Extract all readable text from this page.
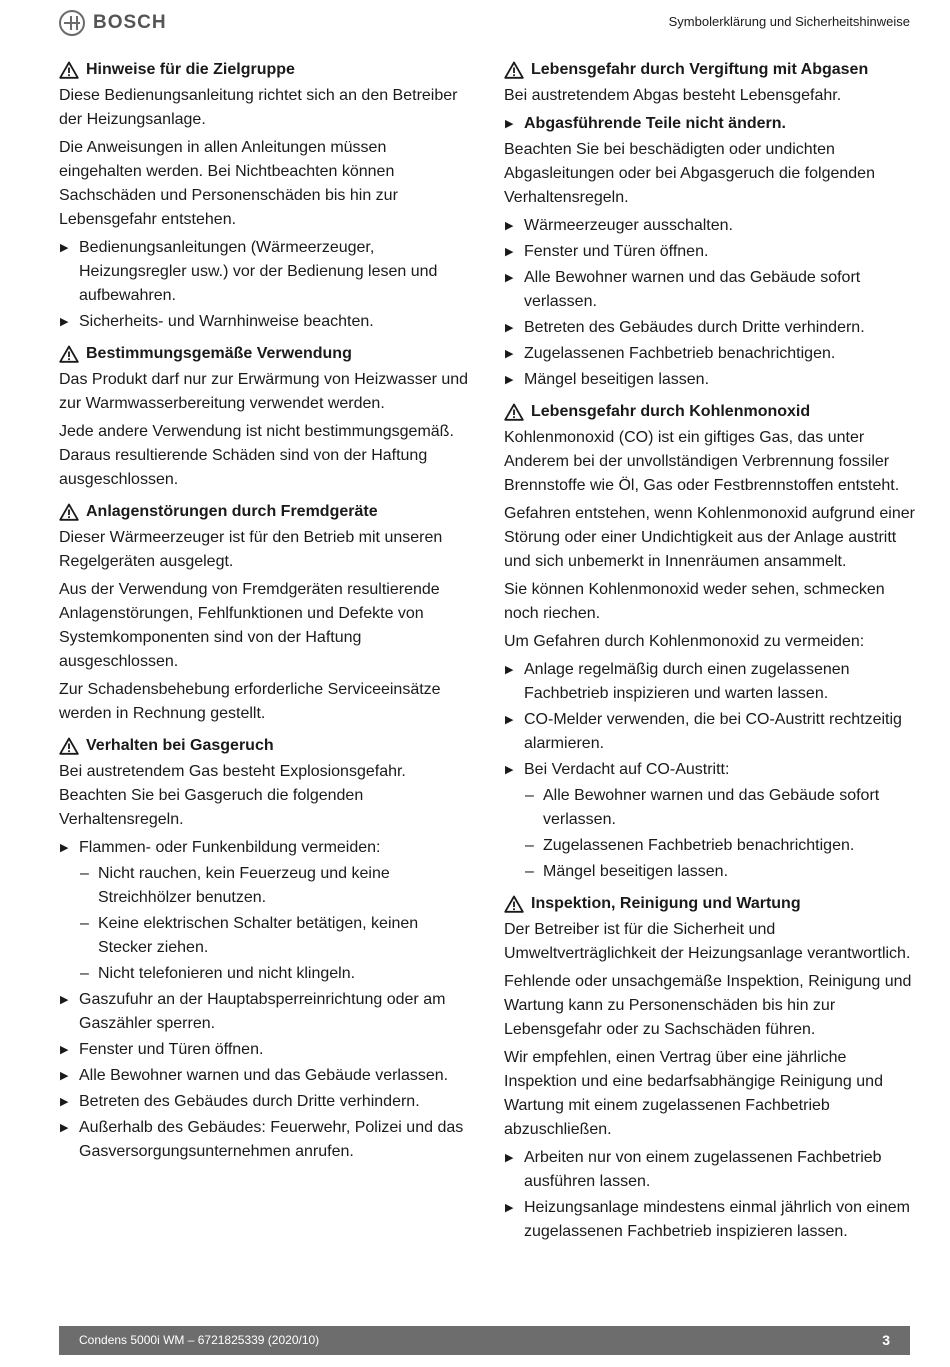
BOSCH	Symbolerklärung und Sicherheitshinweise
Hinweise für die Zielgruppe
Diese Bedienungsanleitung richtet sich an den Betreiber der Heizungsanlage.
Die Anweisungen in allen Anleitungen müssen eingehalten werden. Bei Nichtbeachten können Sachschäden und Personenschäden bis hin zur Lebensgefahr entstehen.
▶ Bedienungsanleitungen (Wärmeerzeuger, Heizungsregler usw.) vor der Bedienung lesen und aufbewahren.
▶ Sicherheits- und Warnhinweise beachten.
Bestimmungsgemäße Verwendung
Das Produkt darf nur zur Erwärmung von Heizwasser und zur Warmwasserbereitung verwendet werden.
Jede andere Verwendung ist nicht bestimmungsgemäß. Daraus resultierende Schäden sind von der Haftung ausgeschlossen.
Anlagenstörungen durch Fremdgeräte
Dieser Wärmeerzeuger ist für den Betrieb mit unseren Regelgeräten ausgelegt.
Aus der Verwendung von Fremdgeräten resultierende Anlagenstörungen, Fehlfunktionen und Defekte von Systemkomponenten sind von der Haftung ausgeschlossen.
Zur Schadensbehebung erforderliche Serviceeinsätze werden in Rechnung gestellt.
Verhalten bei Gasgeruch
Bei austretendem Gas besteht Explosionsgefahr. Beachten Sie bei Gasgeruch die folgenden Verhaltensregeln.
▶ Flammen- oder Funkenbildung vermeiden:
– Nicht rauchen, kein Feuerzeug und keine Streichhölzer benutzen.
– Keine elektrischen Schalter betätigen, keinen Stecker ziehen.
– Nicht telefonieren und nicht klingeln.
▶ Gaszufuhr an der Hauptabsperreinrichtung oder am Gaszähler sperren.
▶ Fenster und Türen öffnen.
▶ Alle Bewohner warnen und das Gebäude verlassen.
▶ Betreten des Gebäudes durch Dritte verhindern.
▶ Außerhalb des Gebäudes: Feuerwehr, Polizei und das Gasversorgungsunternehmen anrufen.
Lebensgefahr durch Vergiftung mit Abgasen
Bei austretendem Abgas besteht Lebensgefahr.
▶ Abgasführende Teile nicht ändern.
Beachten Sie bei beschädigten oder undichten Abgasleitungen oder bei Abgasgeruch die folgenden Verhaltensregeln.
▶ Wärmeerzeuger ausschalten.
▶ Fenster und Türen öffnen.
▶ Alle Bewohner warnen und das Gebäude sofort verlassen.
▶ Betreten des Gebäudes durch Dritte verhindern.
▶ Zugelassenen Fachbetrieb benachrichtigen.
▶ Mängel beseitigen lassen.
Lebensgefahr durch Kohlenmonoxid
Kohlenmonoxid (CO) ist ein giftiges Gas, das unter Anderem bei der unvollständigen Verbrennung fossiler Brennstoffe wie Öl, Gas oder Festbrennstoffen entsteht.
Gefahren entstehen, wenn Kohlenmonoxid aufgrund einer Störung oder einer Undichtigkeit aus der Anlage austritt und sich unbemerkt in Innenräumen ansammelt.
Sie können Kohlenmonoxid weder sehen, schmecken noch riechen.
Um Gefahren durch Kohlenmonoxid zu vermeiden:
▶ Anlage regelmäßig durch einen zugelassenen Fachbetrieb inspizieren und warten lassen.
▶ CO-Melder verwenden, die bei CO-Austritt rechtzeitig alarmieren.
▶ Bei Verdacht auf CO-Austritt:
– Alle Bewohner warnen und das Gebäude sofort verlassen.
– Zugelassenen Fachbetrieb benachrichtigen.
– Mängel beseitigen lassen.
Inspektion, Reinigung und Wartung
Der Betreiber ist für die Sicherheit und Umweltverträglichkeit der Heizungsanlage verantwortlich.
Fehlende oder unsachgemäße Inspektion, Reinigung und Wartung kann zu Personenschäden bis hin zur Lebensgefahr oder zu Sachschäden führen.
Wir empfehlen, einen Vertrag über eine jährliche Inspektion und eine bedarfsabhängige Reinigung und Wartung mit einem zugelassenen Fachbetrieb abzuschließen.
▶ Arbeiten nur von einem zugelassenen Fachbetrieb ausführen lassen.
▶ Heizungsanlage mindestens einmal jährlich von einem zugelassenen Fachbetrieb inspizieren lassen.
Condens 5000i WM – 6721825339 (2020/10)	3
